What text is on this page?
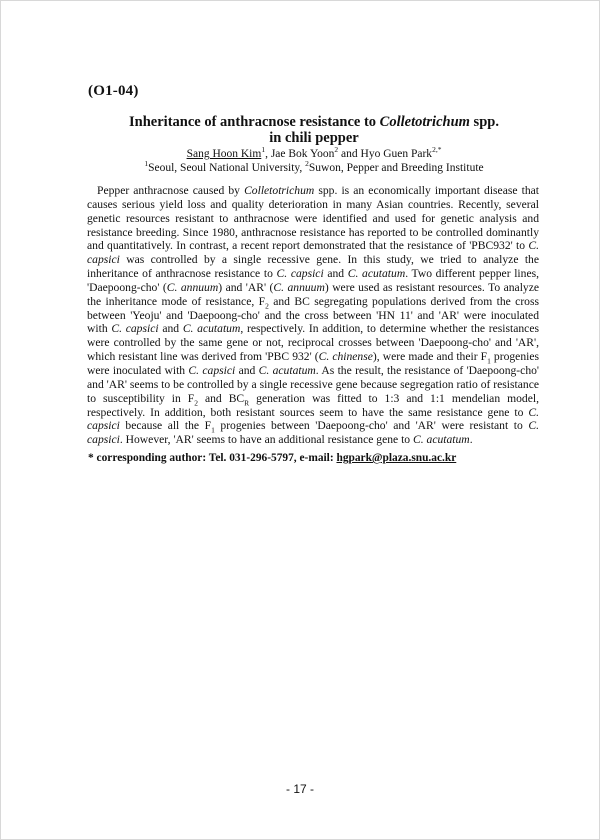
(O1-04)
Inheritance of anthracnose resistance to Colletotrichum spp.
in chili pepper
Sang Hoon Kim$^1$, Jae Bok Yoon$^2$ and Hyo Guen Park$^{2,*}$
$^1$Seoul, Seoul National University, $^2$Suwon, Pepper and Breeding Institute

Pepper anthracnose caused by Colletotrichum spp. is an economically important disease that causes serious yield loss and quality deterioration in many Asian countries. Recently, several genetic resources resistant to anthracnose were identified and used for genetic analysis and resistance breeding. Since 1980, anthracnose resistance has reported to be controlled dominantly and quantitatively. In contrast, a recent report demonstrated that the resistance of 'PBC932' to C. capsici was controlled by a single recessive gene. In this study, we tried to analyze the inheritance of anthracnose resistance to C. capsici and C. acutatum. Two different pepper lines, 'Daepoong-cho' (C. annuum) and 'AR' (C. annuum) were used as resistant resources. To analyze the inheritance mode of resistance, $F_2$ and BC segregating populations derived from the cross between 'Yeoju' and 'Daepoong-cho' and the cross between 'HN 11' and 'AR' were inoculated with C. capsici and C. acutatum, respectively. In addition, to determine whether the resistances were controlled by the same gene or not, reciprocal crosses between 'Daepoong-cho' and 'AR', which resistant line was derived from 'PBC 932' (C. chinense), were made and their $F_1$ progenies were inoculated with C. capsici and C. acutatum. As the result, the resistance of 'Daepoong-cho' and 'AR' seems to be controlled by a single recessive gene because segregation ratio of resistance to susceptibility in $F_2$ and $BC_R$ generation was fitted to 1:3 and 1:1 mendelian model, respectively. In addition, both resistant sources seem to have the same resistance gene to C. capsici because all the $F_1$ progenies between 'Daepoong-cho' and 'AR' were resistant to C. capsici. However, 'AR' seems to have an additional resistance gene to C. acutatum.

* corresponding author: Tel. 031-296-5797, e-mail: hgpark@plaza.snu.ac.kr
- 17 -
